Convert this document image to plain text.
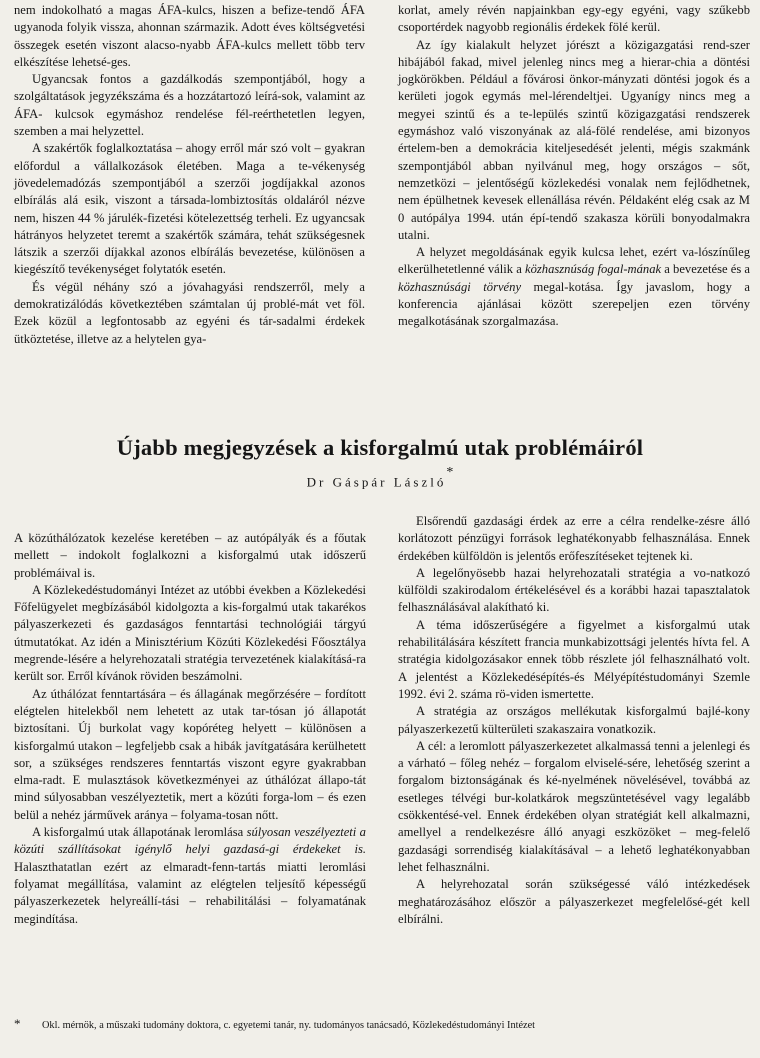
nem indokolható a magas ÁFA-kulcs, hiszen a befize-tendő ÁFA ugyanoda folyik vissza, ahonnan származik. Adott éves költségvetési összegek esetén viszont alacso-nyabb ÁFA-kulcs mellett több terv elkészítése lehetsé-ges.

Ugyancsak fontos a gazdálkodás szempontjából, hogy a szolgáltatások jegyzékszáma és a hozzátartozó leírá-sok, valamint az ÁFA- kulcsok egymáshoz rendelése fél-reérthetetlen legyen, szemben a mai helyzettel.

A szakértők foglalkoztatása – ahogy erről már szó volt – gyakran előfordul a vállalkozások életében. Maga a te-vékenység jövedelemadózás szempontjából a szerzői jogdíjakkal azonos elbírálás alá esik, viszont a társada-lombiztosítás oldaláról nézve nem, hiszen 44 % járulék-fizetési kötelezettség terheli. Ez ugyancsak hátrányos helyzetet teremt a szakértők számára, tehát szükségesnek látszik a szerzői díjakkal azonos elbírálás bevezetése, különösen a kiegészítő tevékenységet folytatók esetén.

És végül néhány szó a jóvahagyási rendszerről, mely a demokratizálódás következtében számtalan új problé-mát vet föl. Ezek közül a legfontosabb az egyéni és tár-sadalmi érdekek ütköztetése, illetve az a helytelen gya-

korlat, amely révén napjainkban egy-egy egyéni, vagy szűkebb csoportérdek nagyobb regionális érdekek fölé kerül.

Az így kialakult helyzet jórészt a közigazgatási rend-szer hibájából fakad, mivel jelenleg nincs meg a hierar-chia a döntési jogkörökben. Például a fővárosi önkor-mányzati döntési jogok és a kerületi jogok egymás mel-lérendeltjei. Ugyanígy nincs meg a megyei szintű és a te-lepülés szintű közigazgatási rendszerek egymáshoz való viszonyának az alá-fölé rendelése, ami bizonyos értelem-ben a demokrácia kiteljesedését jelenti, mégis szakmánk szempontjából abban nyilvánul meg, hogy országos – sőt, nemzetközi – jelentőségű közlekedési vonalak nem fejlődhetnek, nem épülhetnek kevesek ellenállása révén. Példaként elég csak az M 0 autópálya 1994. után épí-tendő szakasza körüli bonyodalmakra utalni.

A helyzet megoldásának egyik kulcsa lehet, ezért va-lószínűleg elkerülhetetlenné válik a közhasznúság fogal-mának a bevezetése és a közhasznúsági törvény megal-kotása. Így javaslom, hogy a konferencia ajánlásai között szerepeljen ezen törvény megalkotásának szorgalmazása.

Újabb megjegyzések a kisforgalmú utak problémáiról
Dr Gáspár László*

A közúthálózatok kezelése keretében – az autópályák és a főutak mellett – indokolt foglalkozni a kisforgalmú utak időszerű problémáival is.

A Közlekedéstudományi Intézet az utóbbi években a Közlekedési Főfelügyelet megbízásából kidolgozta a kis-forgalmú utak takarékos pályaszerkezeti és gazdaságos fenntartási technológiái tárgyú útmutatókat. Az idén a Minisztérium Közúti Közlekedési Főosztálya megrende-lésére a helyrehozatali stratégia tervezetének kialakításá-ra került sor. Erről kívánok röviden beszámolni.

Az úthálózat fenntartására – és állagának megőrzésére – fordított elégtelen hitelekből nem lehetett az utak tar-tósan jó állapotát biztosítani. Új burkolat vagy kopóréteg helyett – különösen a kisforgalmú utakon – legfeljebb csak a hibák javítgatására kerülhetett sor, a szükséges rendszeres fenntartás viszont egyre gyakrabban elma-radt. E mulasztások következményei az úthálózat állapo-tát mind súlyosabban veszélyeztetik, mert a közúti forga-lom – és ezen belül a nehéz járművek aránya – folyama-tosan nőtt.

A kisforgalmú utak állapotának leromlása súlyosan veszélyezteti a közúti szállításokat igénylő helyi gazdasá-gi érdekeket is. Halaszthatatlan ezért az elmaradt-fenn-tartás miatti leromlási folyamat megállítása, valamint az elégtelen teljesítő képességű pályaszerkezetek helyreállí-tási – rehabilitálási – folyamatának megindítása.

Elsőrendű gazdasági érdek az erre a célra rendelke-zésre álló korlátozott pénzügyi források leghatékonyabb felhasználása. Ennek érdekében külföldön is jelentős erőfeszítéseket tejtenek ki.

A legelőnyösebb hazai helyrehozatali stratégia a vo-natkozó külföldi szakirodalom értékelésével és a korábbi hazai tapasztalatok felhasználásával alakítható ki.

A téma időszerűségére a figyelmet a kisforgalmú utak rehabilitálására készített francia munkabizottsági jelentés hívta fel. A stratégia kidolgozásakor ennek több részlete jól felhasználható volt. A jelentést a Közlekedésépítés-és Mélyépítéstudományi Szemle 1992. évi 2. száma rö-viden ismertette.

A stratégia az országos mellékutak kisforgalmú bajlé-kony pályaszerkezetű külterületi szakaszaira vonatkozik.

A cél: a leromlott pályaszerkezetet alkalmassá tenni a jelenlegi és a várható – főleg nehéz – forgalom elviselé-sére, lehetőség szerint a forgalom biztonságának és ké-nyelmének növelésével, továbbá az esetleges télvégi bur-kolatkárok megszüntetésével vagy legalább csökkentésé-vel. Ennek érdekében olyan stratégiát kell alkalmazni, amellyel a rendelkezésre álló anyagi eszközöket – meg-felelő gazdasági sorrendiség kialakításával – a lehető leghatékonyabban lehet felhasználni.

A helyrehozatal során szükségessé váló intézkedések meghatározásához először a pályaszerkezet megfelelősé-gét kell elbírálni.

* Okl. mérnök, a műszaki tudomány doktora, c. egyetemi tanár, ny. tudományos tanácsadó, Közlekedéstudományi Intézet
